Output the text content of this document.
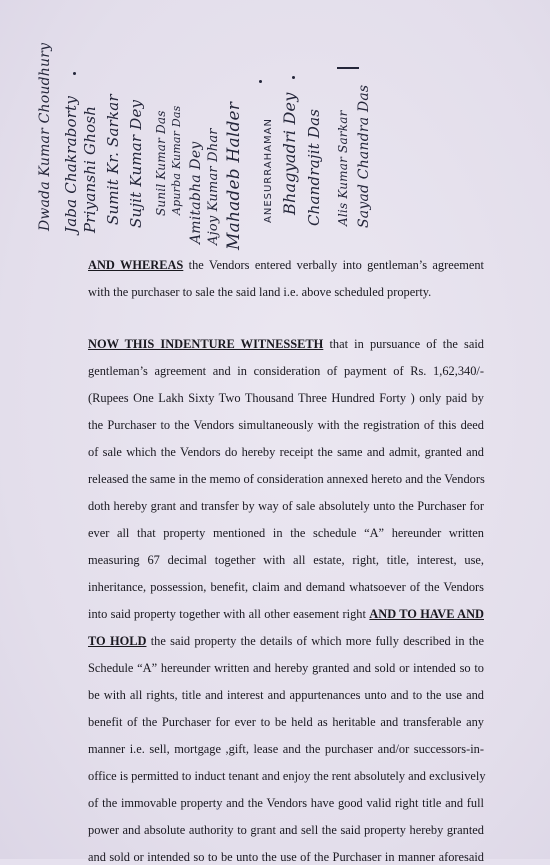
Dwada Kumar Choudhury Jaba Chakraborty Priyanshi Ghosh Sumit Kr. Sarkar Sujit Kumar Dey Sunil Kumar Das Apurba Kumar Das Amitabha Dey Ajoy Kumar Dhar Mahadeb Halder ANESURRAHAMAN Bhagyadri Dey Chandrajit Das Alis Kumar Sarkar Sayad Chandra Das
AND WHEREAS the Vendors entered verbally into gentleman’s agreement
with the purchaser to sale the said land i.e. above scheduled property.
NOW THIS INDENTURE WITNESSETH that in pursuance of the said
gentleman’s agreement and in consideration of payment of Rs. 1,62,340/-
(Rupees One Lakh Sixty Two Thousand Three Hundred Forty ) only paid by
the Purchaser to the Vendors simultaneously with the registration of this deed
of sale which the Vendors do hereby receipt the same and admit, granted and
released the same in the memo of consideration annexed hereto and the Vendors
doth hereby grant and transfer by way of sale absolutely unto the Purchaser for
ever all that property mentioned in the schedule “A” hereunder written
measuring 67 decimal together with all estate, right, title, interest, use,
inheritance, possession, benefit, claim and demand whatsoever of the Vendors
into said property together with all other easement right AND TO HAVE AND
TO HOLD the said property the details of which more fully described in the
Schedule “A” hereunder written and hereby granted and sold or intended so to
be with all rights, title and interest and appurtenances unto and to the use and
benefit of the Purchaser for ever to be held as heritable and transferable any
manner i.e. sell, mortgage ,gift, lease and the purchaser and/or successors-in-
office is permitted to induct tenant and enjoy the rent absolutely and exclusively
of the immovable property and the Vendors have good valid right title and full
power and absolute authority to grant and sell the said property hereby granted
and sold or intended so to be unto the use of the Purchaser in manner aforesaid
